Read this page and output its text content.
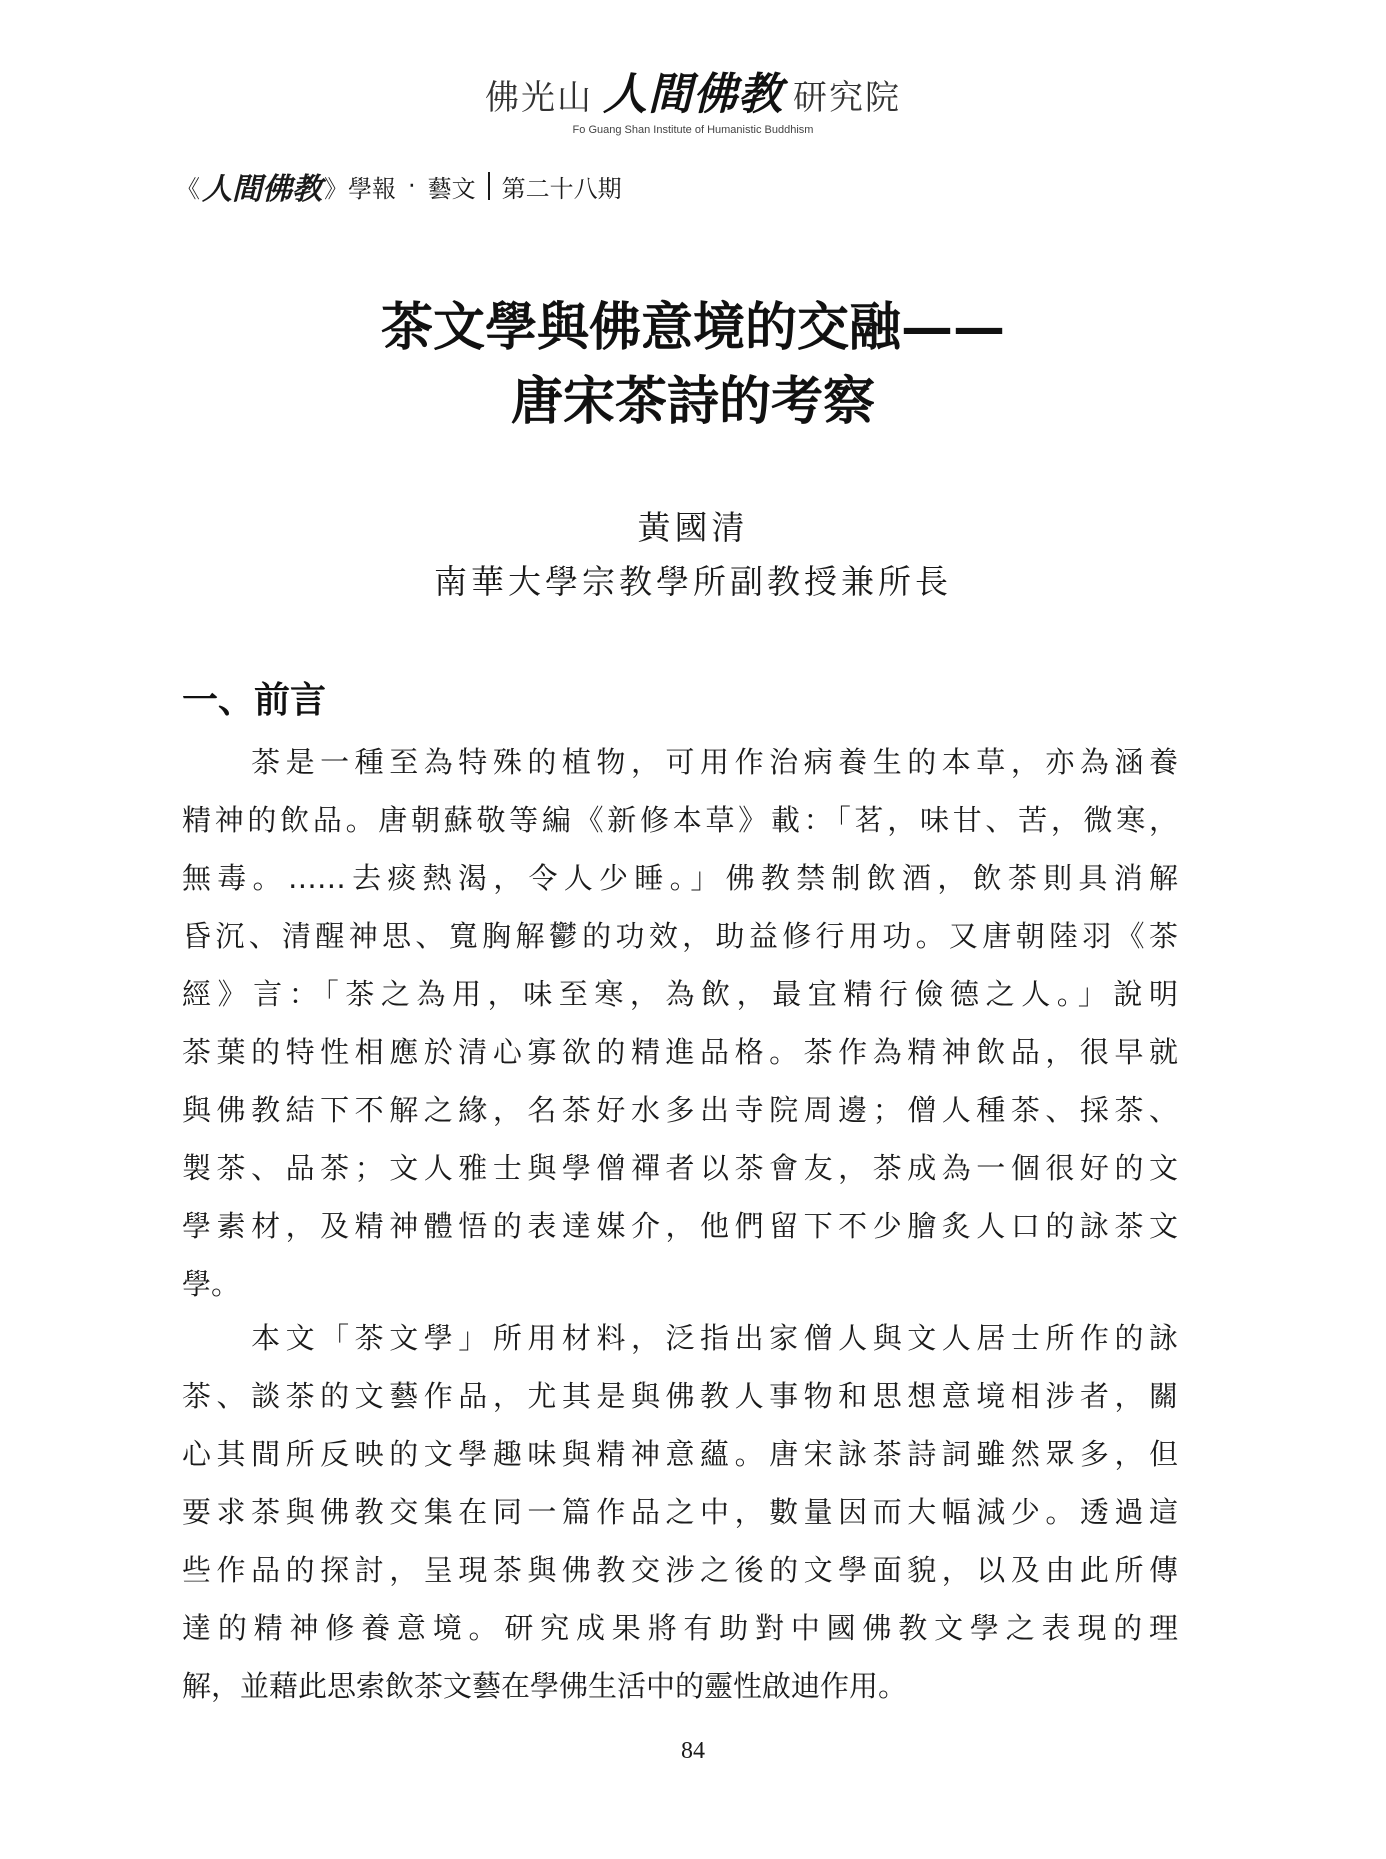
佛光山 人間佛教 研究院
Fo Guang Shan Institute of Humanistic Buddhism
《 人間佛教 》 學報 ‧ 藝文 第二十八期
茶文學與佛意境的交融——
唐宋茶詩的考察
黃國清
南華大學宗教學所副教授兼所長
一、前言
　　茶是一種至為特殊的植物，可用作治病養生的本草，亦為涵養
精神的飲品。唐朝蘇敬等編《新修本草》載：「茗，味甘、苦，微寒，
無毒。……去痰熱渴，令人少睡。」佛教禁制飲酒，飲茶則具消解
昏沉、清醒神思、寬胸解鬱的功效，助益修行用功。又唐朝陸羽《茶
經》言：「茶之為用，味至寒，為飲，最宜精行儉德之人。」說明
茶葉的特性相應於清心寡欲的精進品格。茶作為精神飲品，很早就
與佛教結下不解之緣，名茶好水多出寺院周邊；僧人種茶、採茶、
製茶、品茶；文人雅士與學僧禪者以茶會友，茶成為一個很好的文
學素材，及精神體悟的表達媒介，他們留下不少膾炙人口的詠茶文
學。
　　本文「茶文學」所用材料，泛指出家僧人與文人居士所作的詠
茶、談茶的文藝作品，尤其是與佛教人事物和思想意境相涉者，關
心其間所反映的文學趣味與精神意蘊。唐宋詠茶詩詞雖然眾多，但
要求茶與佛教交集在同一篇作品之中，數量因而大幅減少。透過這
些作品的探討，呈現茶與佛教交涉之後的文學面貌，以及由此所傳
達的精神修養意境。研究成果將有助對中國佛教文學之表現的理
解，並藉此思索飲茶文藝在學佛生活中的靈性啟迪作用。
84
